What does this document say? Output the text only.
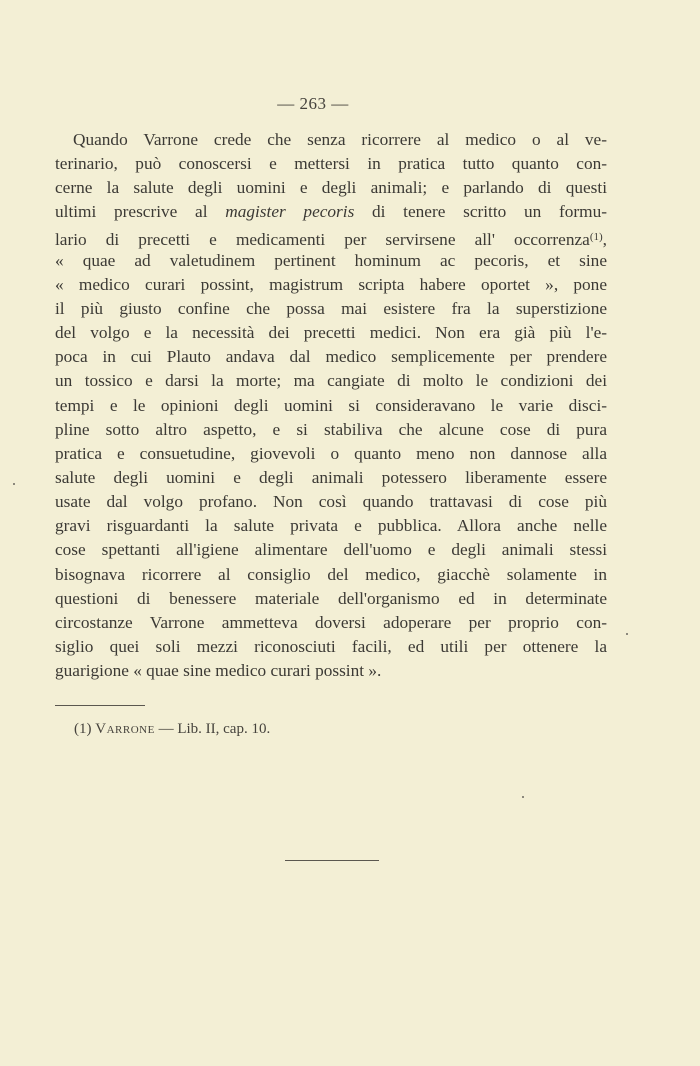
— 263 —
Quando Varrone crede che senza ricorrere al medico o al ve-
terinario, può conoscersi e mettersi in pratica tutto quanto con-
cerne la salute degli uomini e degli animali; e parlando di questi
ultimi prescrive al magister pecoris di tenere scritto un formu-
lario di precetti e medicamenti per servirsene all' occorrenza$^{(1)}$,
« quae ad valetudinem pertinent hominum ac pecoris, et sine
« medico curari possint, magistrum scripta habere oportet », pone
il più giusto confine che possa mai esistere fra la superstizione
del volgo e la necessità dei precetti medici. Non era già più l'e-
poca in cui Plauto andava dal medico semplicemente per prendere
un tossico e darsi la morte; ma cangiate di molto le condizioni dei
tempi e le opinioni degli uomini si consideravano le varie disci-
pline sotto altro aspetto, e si stabiliva che alcune cose di pura
pratica e consuetudine, giovevoli o quanto meno non dannose alla
salute degli uomini e degli animali potessero liberamente essere
usate dal volgo profano. Non così quando trattavasi di cose più
gravi risguardanti la salute privata e pubblica. Allora anche nelle
cose spettanti all'igiene alimentare dell'uomo e degli animali stessi
bisognava ricorrere al consiglio del medico, giacchè solamente in
questioni di benessere materiale dell'organismo ed in determinate
circostanze Varrone ammetteva doversi adoperare per proprio con-
siglio quei soli mezzi riconosciuti facili, ed utili per ottenere la
guarigione « quae sine medico curari possint ».
(1) Varrone — Lib. II, cap. 10.
